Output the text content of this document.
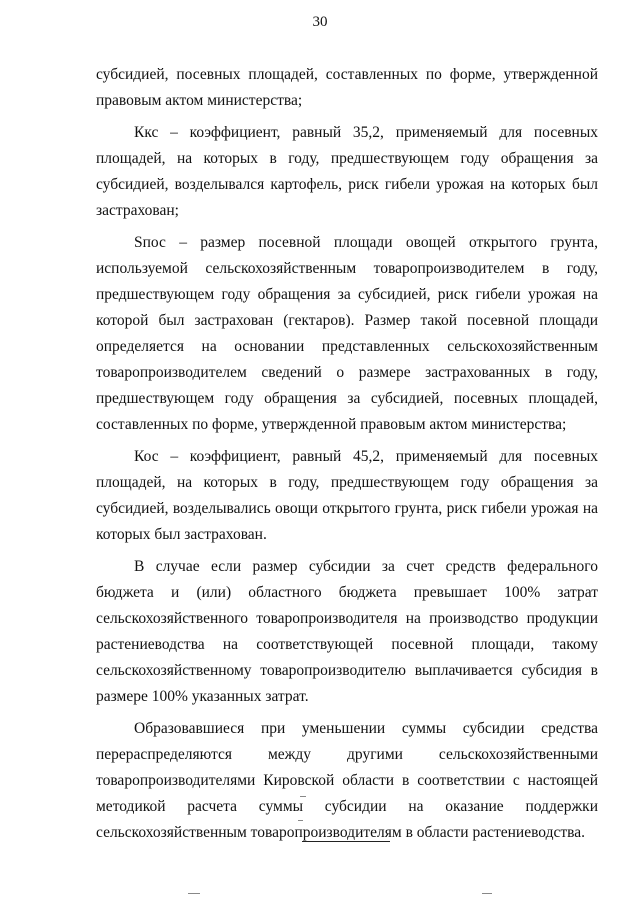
30

субсидией, посевных площадей, составленных по форме, утвержденной правовым актом министерства;

Ккс – коэффициент, равный 35,2, применяемый для посевных площадей, на которых в году, предшествующем году обращения за субсидией, возделывался картофель, риск гибели урожая на которых был застрахован;

Sпос – размер посевной площади овощей открытого грунта, используемой сельскохозяйственным товаропроизводителем в году, предшествующем году обращения за субсидией, риск гибели урожая на которой был застрахован (гектаров). Размер такой посевной площади определяется на основании представленных сельскохозяйственным товаропроизводителем сведений о размере застрахованных в году, предшествующем году обращения за субсидией, посевных площадей, составленных по форме, утвержденной правовым актом министерства;

Кос – коэффициент, равный 45,2, применяемый для посевных площадей, на которых в году, предшествующем году обращения за субсидией, возделывались овощи открытого грунта, риск гибели урожая на которых был застрахован.

В случае если размер субсидии за счет средств федерального бюджета и (или) областного бюджета превышает 100% затрат сельскохозяйственного товаропроизводителя на производство продукции растениеводства на соответствующей посевной площади, такому сельскохозяйственному товаропроизводителю выплачивается субсидия в размере 100% указанных затрат.

Образовавшиеся при уменьшении суммы субсидии средства перераспределяются между другими сельскохозяйственными товаропроизводителями Кировской области в соответствии с настоящей методикой расчета суммы субсидии на оказание поддержки сельскохозяйственным товаропроизводителям в области растениеводства.
